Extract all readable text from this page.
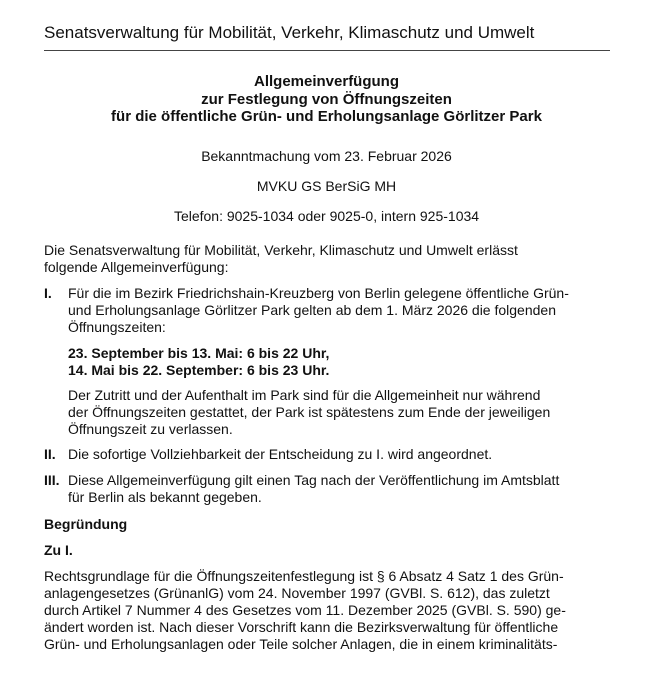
Senatsverwaltung für Mobilität, Verkehr, Klimaschutz und Umwelt
Allgemeinverfügung
zur Festlegung von Öffnungszeiten
für die öffentliche Grün- und Erholungsanlage Görlitzer Park
Bekanntmachung vom 23. Februar 2026
MVKU GS BerSiG MH
Telefon: 9025-1034 oder 9025-0, intern 925-1034
Die Senatsverwaltung für Mobilität, Verkehr, Klimaschutz und Umwelt erlässt
folgende Allgemeinverfügung:
I. Für die im Bezirk Friedrichshain-Kreuzberg von Berlin gelegene öffentliche Grün-
und Erholungsanlage Görlitzer Park gelten ab dem 1. März 2026 die folgenden
Öffnungszeiten:
23. September bis 13. Mai: 6 bis 22 Uhr,
14. Mai bis 22. September: 6 bis 23 Uhr.
Der Zutritt und der Aufenthalt im Park sind für die Allgemeinheit nur während
der Öffnungszeiten gestattet, der Park ist spätestens zum Ende der jeweiligen
Öffnungszeit zu verlassen.
II. Die sofortige Vollziehbarkeit der Entscheidung zu I. wird angeordnet.
III. Diese Allgemeinverfügung gilt einen Tag nach der Veröffentlichung im Amtsblatt
für Berlin als bekannt gegeben.
Begründung
Zu I.
Rechtsgrundlage für die Öffnungszeitenfestlegung ist § 6 Absatz 4 Satz 1 des Grün-
anlagengesetzes (GrünanlG) vom 24. November 1997 (GVBl. S. 612), das zuletzt
durch Artikel 7 Nummer 4 des Gesetzes vom 11. Dezember 2025 (GVBl. S. 590) ge-
ändert worden ist. Nach dieser Vorschrift kann die Bezirksverwaltung für öffentliche
Grün- und Erholungsanlagen oder Teile solcher Anlagen, die in einem kriminalitäts-
